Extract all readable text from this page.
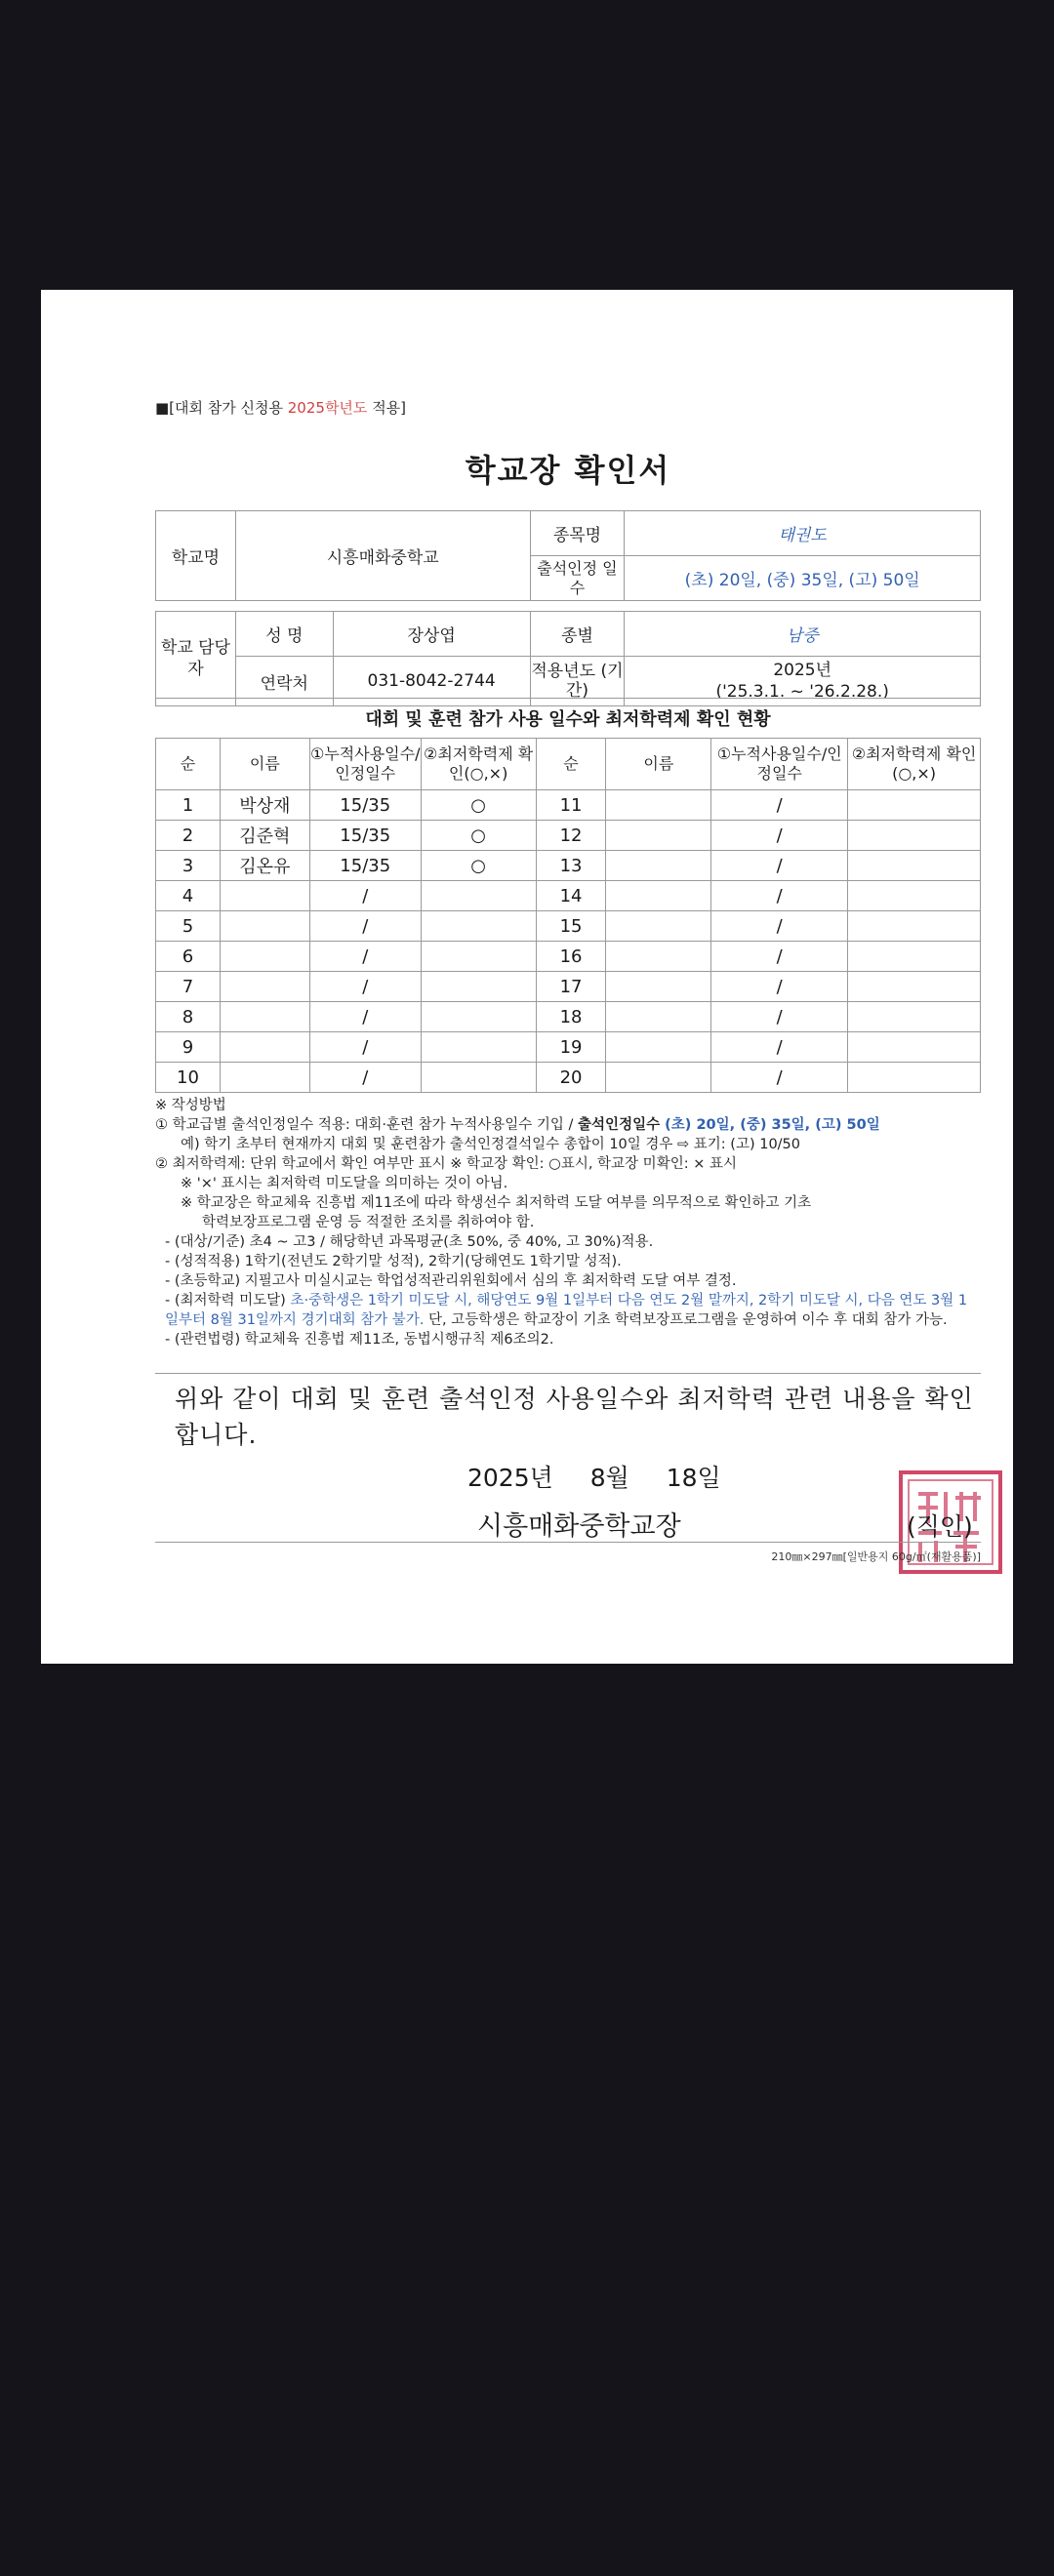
■[대회 참가 신청용 2025학년도 적용]
학교장 확인서
학교명	시흥매화중학교		종목명	태권도
			출석인정 일수	(초) 20일, (중) 35일, (고) 50일

학교 담당자	성 명	장상엽	종별	남중
	연락처	031-8042-2744	적용년도 (기간)	2025년
('25.3.1. ~ '26.2.28.)
대회 및 훈련 참가 사용 일수와 최저학력제 확인 현황							
순	이름	①누적사용일수/인정일수	②최저학력제 확인(○,×)	순	이름	①누적사용일수/인정일수	②최저학력제 확인(○,×)
1	박상재	15/35	○	11		/	
2	김준혁	15/35	○	12		/	
3	김온유	15/35	○	13		/	
4		/		14		/	
5		/		15		/	
6		/		16		/	
7		/		17		/	
8		/		18		/	
9		/		19		/	
10		/		20		/	

※ 작성방법

① 학교급별 출석인정일수 적용: 대회·훈련 참가 누적사용일수 기입 / 출석인정일수 (초) 20일, (중) 35일, (고) 50일

예) 학기 초부터 현재까지 대회 및 훈련참가 출석인정결석일수 총합이 10일 경우 ⇨ 표기: (고) 10/50

② 최저학력제: 단위 학교에서 확인 여부만 표시 ※ 학교장 확인: ○표시, 학교장 미확인: × 표시

※ '×' 표시는 최저학력 미도달을 의미하는 것이 아님.

※ 학교장은 학교체육 진흥법 제11조에 따라 학생선수 최저학력 도달 여부를 의무적으로 확인하고 기초

학력보장프로그램 운영 등 적절한 조치를 취하여야 함.

- (대상/기준) 초4 ~ 고3 / 해당학년 과목평균(초 50%, 중 40%, 고 30%)적용.

- (성적적용) 1학기(전년도 2학기말 성적), 2학기(당해연도 1학기말 성적).

- (초등학교) 지필고사 미실시교는 학업성적관리위원회에서 심의 후 최저학력 도달 여부 결정.

- (최저학력 미도달) 초·중학생은 1학기 미도달 시, 해당연도 9월 1일부터 다음 연도 2월 말까지, 2학기 미도달 시, 다음 연도 3월 1일부터 8월 31일까지 경기대회 참가 불가. 단, 고등학생은 학교장이 기초 학력보장프로그램을 운영하여 이수 후 대회 참가 가능.

- (관련법령) 학교체육 진흥법 제11조, 동법시행규칙 제6조의2.

위와 같이 대회 및 훈련 출석인정 사용일수와 최저학력 관련 내용을 확인합니다.
2025년 8월 18일
시흥매화중학교장	(직인)
210㎜×297㎜[일반용지 60g/㎡(재활용품)]
